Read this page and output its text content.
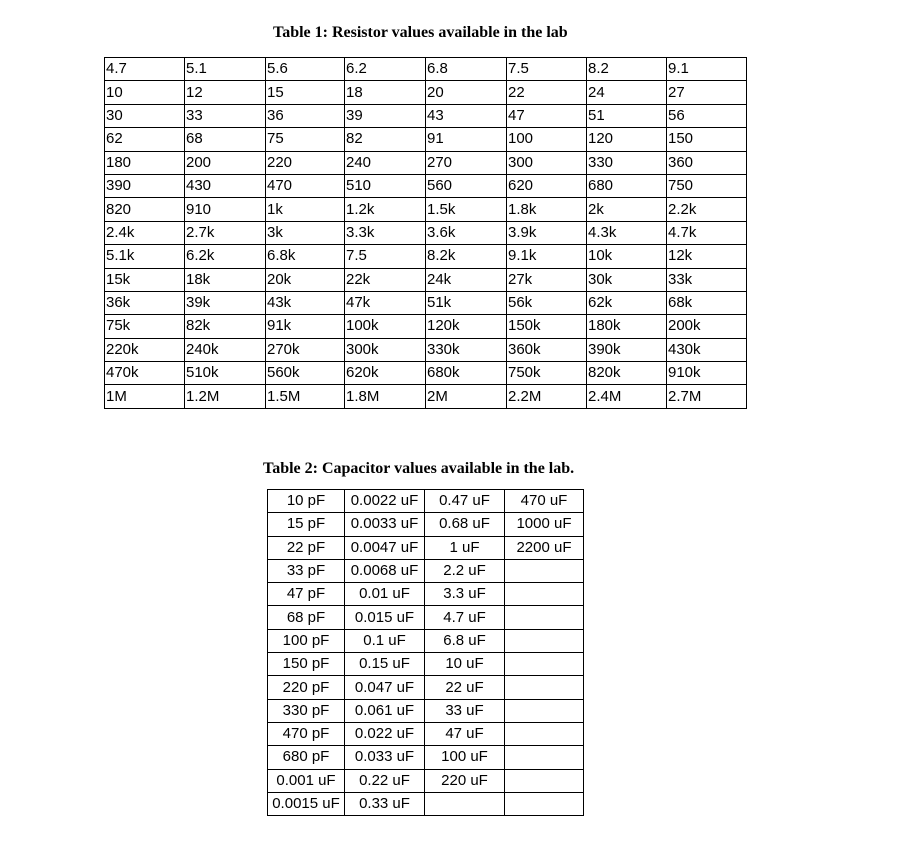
Table 1: Resistor values available in the lab
4.7	5.1	5.6	6.2	6.8	7.5	8.2	9.1
10	12	15	18	20	22	24	27
30	33	36	39	43	47	51	56
62	68	75	82	91	100	120	150
180	200	220	240	270	300	330	360
390	430	470	510	560	620	680	750
820	910	1k	1.2k	1.5k	1.8k	2k	2.2k
2.4k	2.7k	3k	3.3k	3.6k	3.9k	4.3k	4.7k
5.1k	6.2k	6.8k	7.5	8.2k	9.1k	10k	12k
15k	18k	20k	22k	24k	27k	30k	33k
36k	39k	43k	47k	51k	56k	62k	68k
75k	82k	91k	100k	120k	150k	180k	200k
220k	240k	270k	300k	330k	360k	390k	430k
470k	510k	560k	620k	680k	750k	820k	910k
1M	1.2M	1.5M	1.8M	2M	2.2M	2.4M	2.7M
Table 2: Capacitor values available in the lab.
10 pF	0.0022 uF	0.47 uF	470 uF
15 pF	0.0033 uF	0.68 uF	1000 uF
22 pF	0.0047 uF	1 uF	2200 uF
33 pF	0.0068 uF	2.2 uF	
47 pF	0.01 uF	3.3 uF	
68 pF	0.015 uF	4.7 uF	
100 pF	0.1 uF	6.8 uF	
150 pF	0.15 uF	10 uF	
220 pF	0.047 uF	22 uF	
330 pF	0.061 uF	33 uF	
470 pF	0.022 uF	47 uF	
680 pF	0.033 uF	100 uF	
0.001 uF	0.22 uF	220 uF	
0.0015 uF	0.33 uF		
